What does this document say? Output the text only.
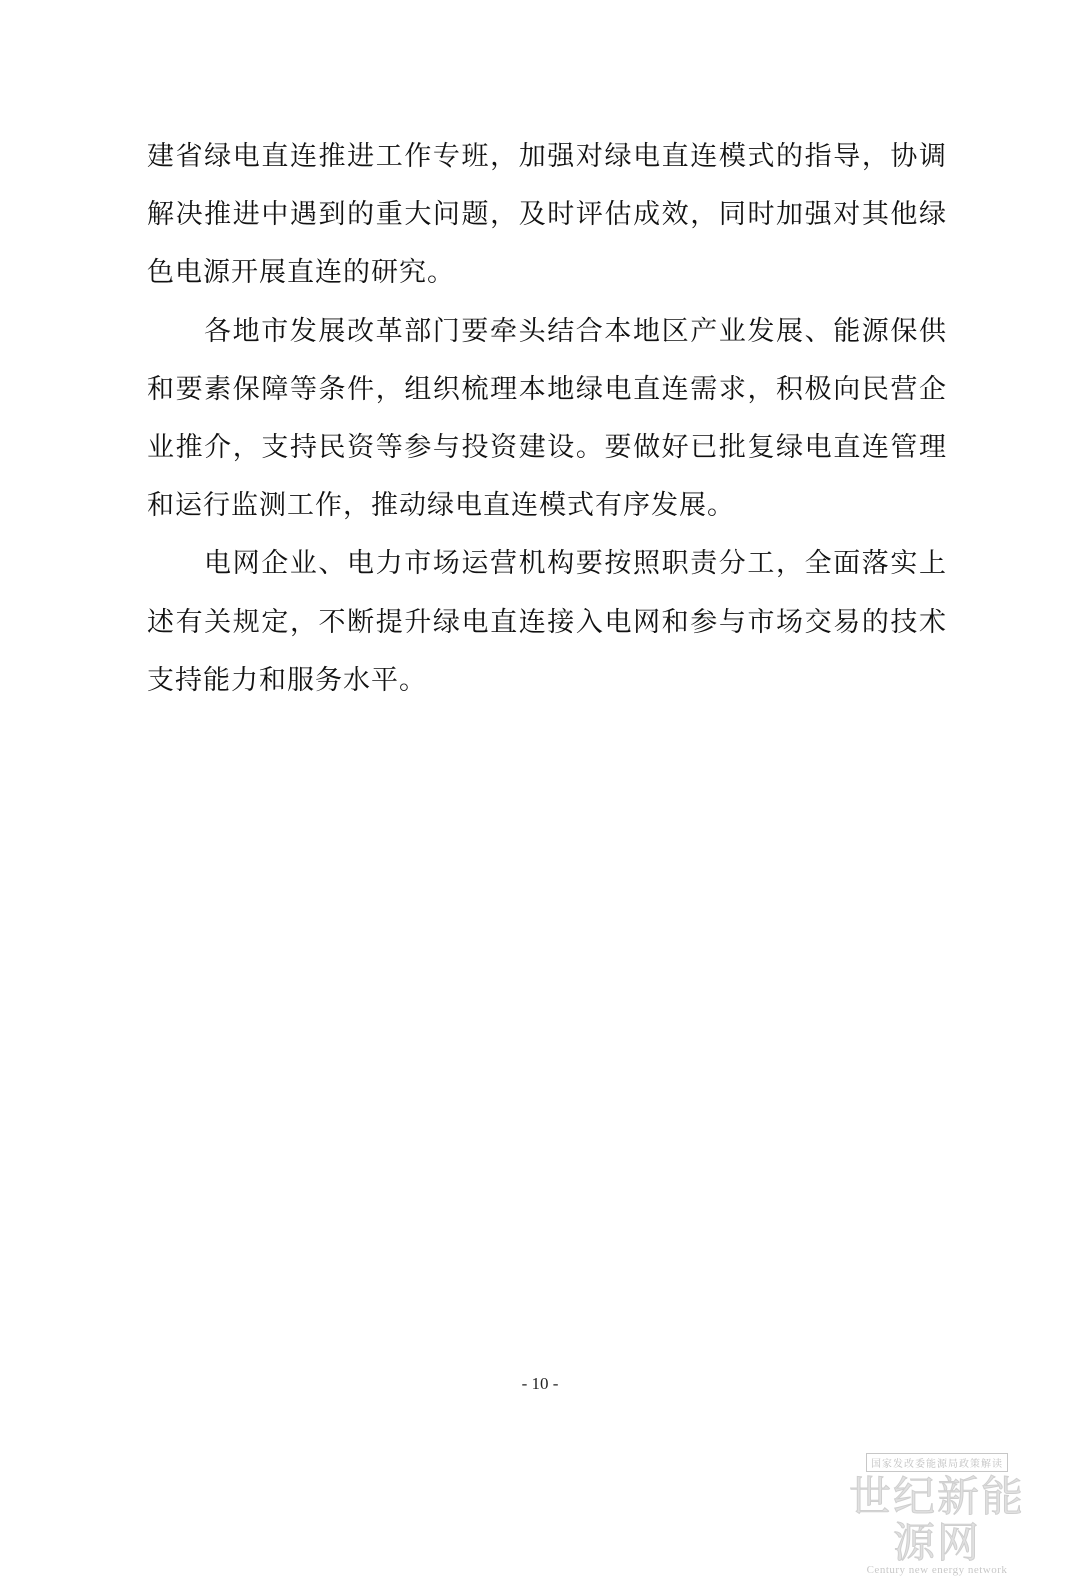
建省绿电直连推进工作专班，加强对绿电直连模式的指导，协调
解决推进中遇到的重大问题，及时评估成效，同时加强对其他绿
色电源开展直连的研究。
各地市发展改革部门要牵头结合本地区产业发展、能源保供
和要素保障等条件，组织梳理本地绿电直连需求，积极向民营企
业推介，支持民资等参与投资建设。要做好已批复绿电直连管理
和运行监测工作，推动绿电直连模式有序发展。
电网企业、电力市场运营机构要按照职责分工，全面落实上
述有关规定，不断提升绿电直连接入电网和参与市场交易的技术
支持能力和服务水平。
- 10 -
国家发改委能源局政策解读
世纪新能源网
Century new energy network
